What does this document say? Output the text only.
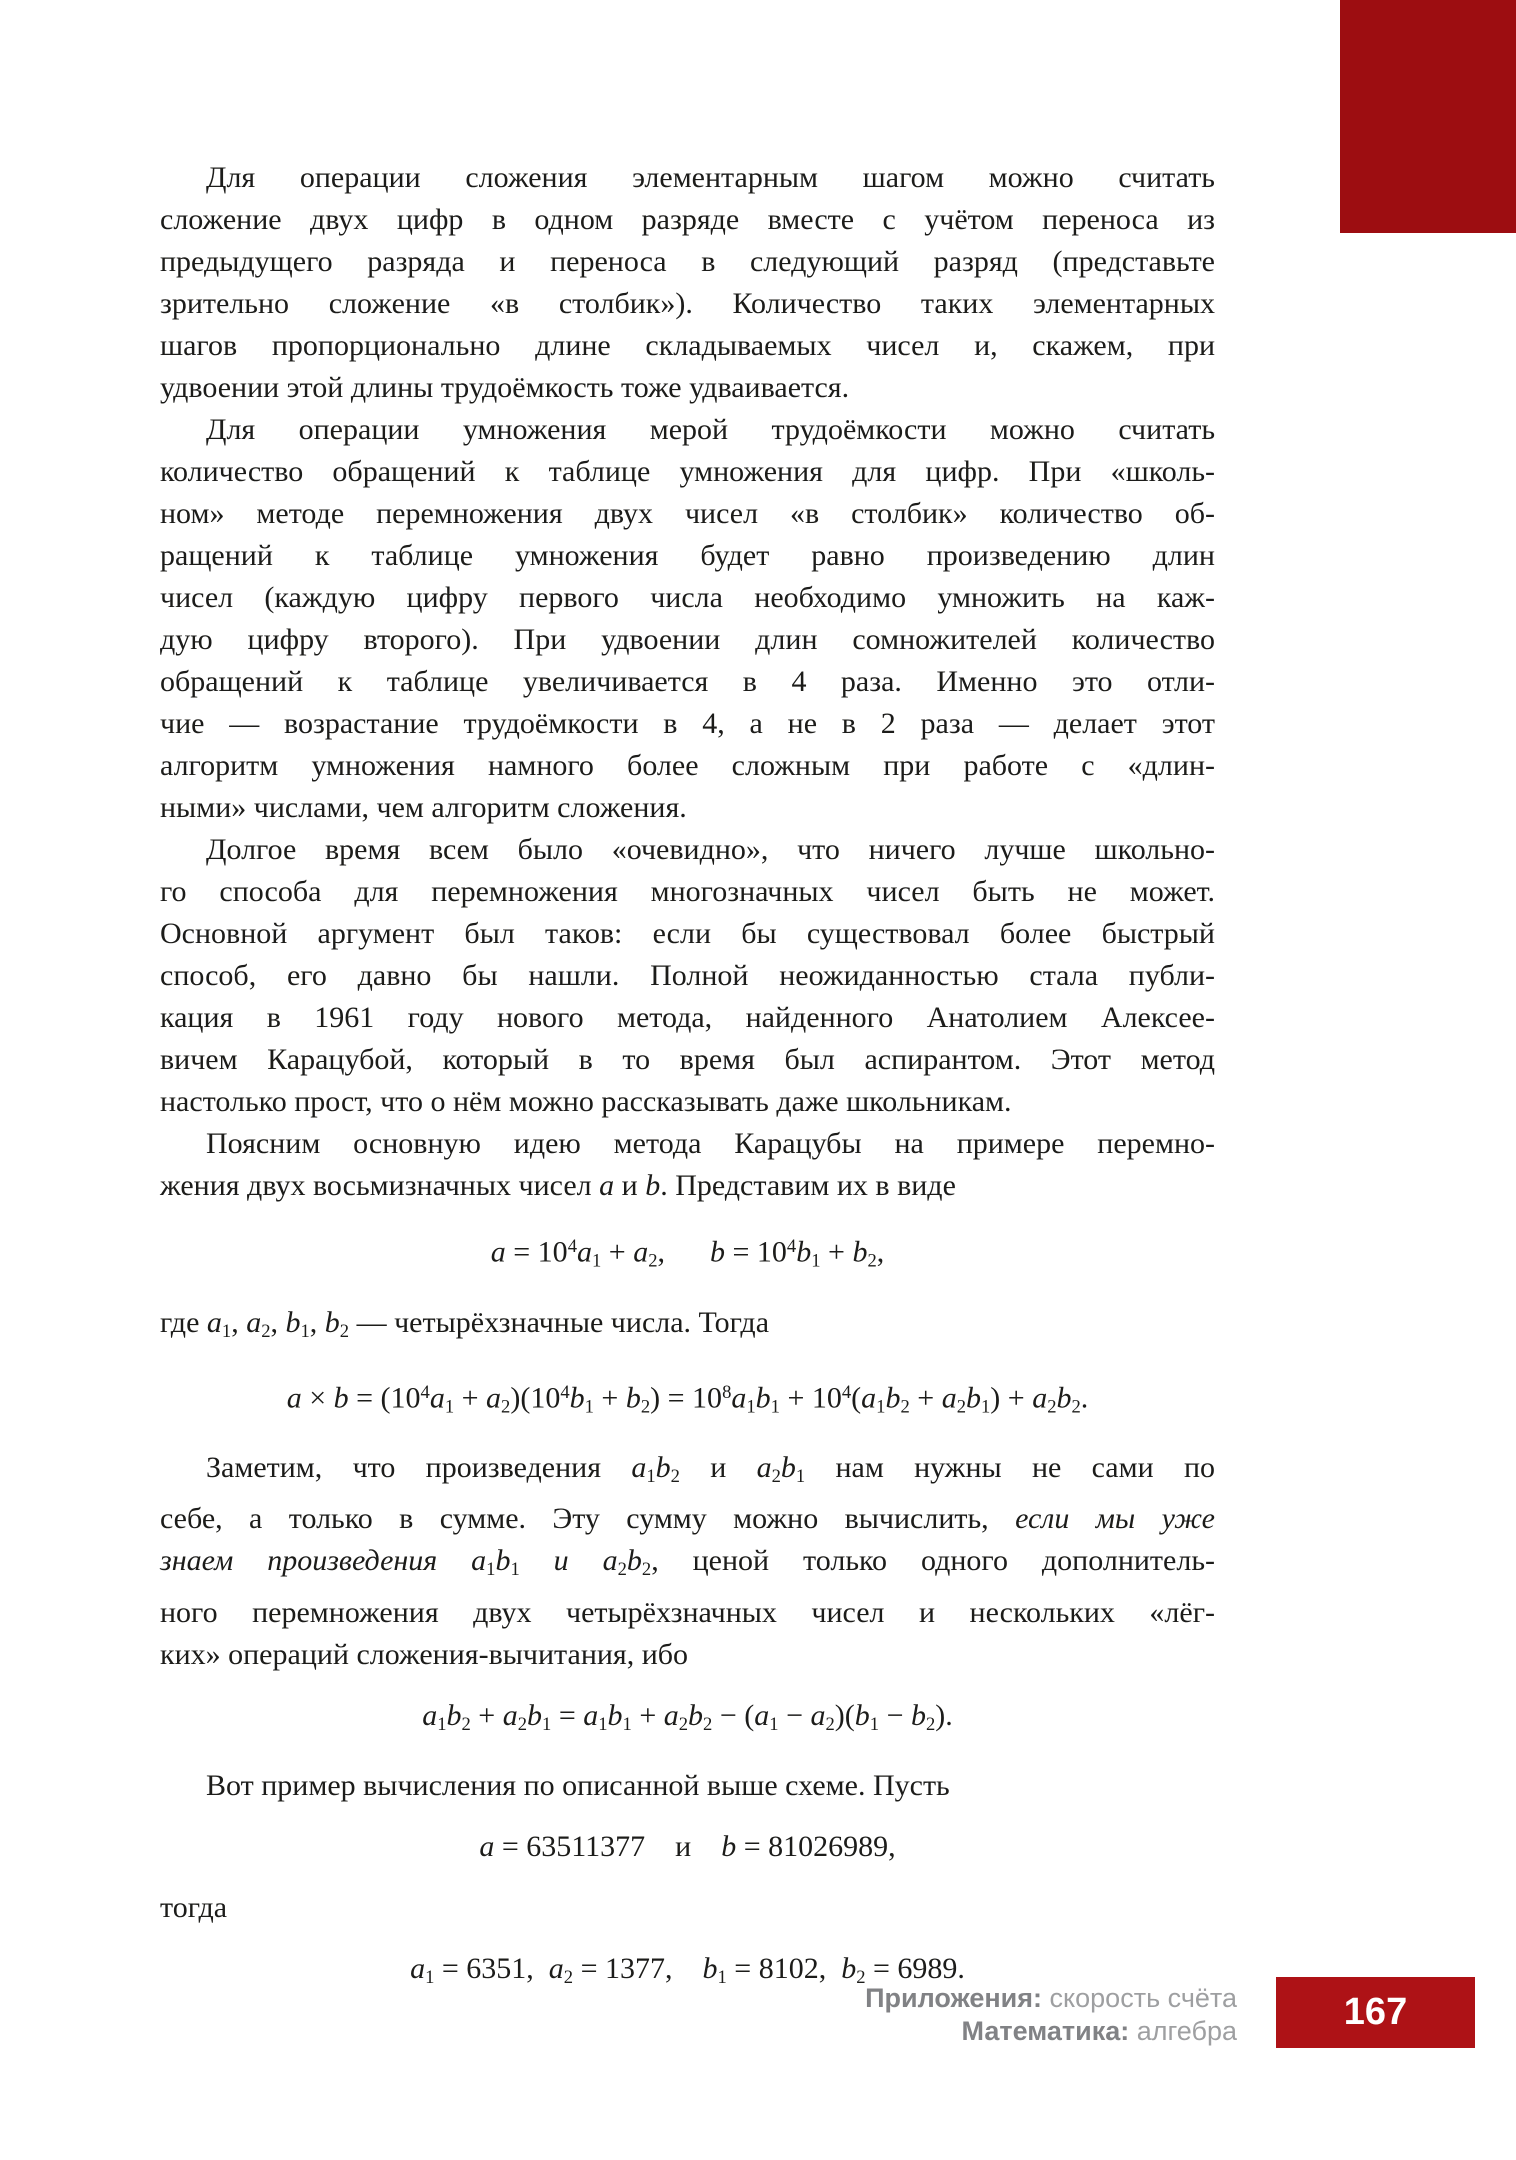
Для операции сложения элементарным шагом можно считать
сложение двух цифр в одном разряде вместе с учётом переноса из
предыдущего разряда и переноса в следующий разряд (представьте
зрительно сложение «в столбик»). Количество таких элементарных
шагов пропорционально длине складываемых чисел и, скажем, при
удвоении этой длины трудоёмкость тоже удваивается.
Для операции умножения мерой трудоёмкости можно считать
количество обращений к таблице умножения для цифр. При «школь-
ном» методе перемножения двух чисел «в столбик» количество об-
ращений к таблице умножения будет равно произведению длин
чисел (каждую цифру первого числа необходимо умножить на каж-
дую цифру второго). При удвоении длин сомножителей количество
обращений к таблице увеличивается в 4 раза. Именно это отли-
чие — возрастание трудоёмкости в 4, а не в 2 раза — делает этот
алгоритм умножения намного более сложным при работе с «длин-
ными» числами, чем алгоритм сложения.
Долгое время всем было «очевидно», что ничего лучше школьно-
го способа для перемножения многозначных чисел быть не может.
Основной аргумент был таков: если бы существовал более быстрый
способ, его давно бы нашли. Полной неожиданностью стала публи-
кация в 1961 году нового метода, найденного Анатолием Алексее-
вичем Карацубой, который в то время был аспирантом. Этот метод
настолько прост, что о нём можно рассказывать даже школьникам.
Поясним основную идею метода Карацубы на примере перемно-
жения двух восьмизначных чисел a и b. Представим их в виде
$a = 10^4a_1 + a_2$,  $b = 10^4b_1 + b_2$,
где $a_1$, $a_2$, $b_1$, $b_2$ — четырёхзначные числа. Тогда
$a \times b = (10^4a_1 + a_2)(10^4b_1 + b_2) = 10^8a_1b_1 + 10^4(a_1b_2 + a_2b_1) + a_2b_2$.
Заметим, что произведения $a_1b_2$ и $a_2b_1$ нам нужны не сами по
себе, а только в сумме. Эту сумму можно вычислить, если мы уже
знаем произведения $a_1b_1$ и $a_2b_2$, ценой только одного дополнитель-
ного перемножения двух четырёхзначных чисел и нескольких «лёг-
ких» операций сложения-вычитания, ибо
$a_1b_2 + a_2b_1 = a_1b_1 + a_2b_2 - (a_1 - a_2)(b_1 - b_2)$.
Вот пример вычисления по описанной выше схеме. Пусть
a = 63511377 и b = 81026989,
тогда
$a_1 = 6351$, $a_2 = 1377$, $b_1 = 8102$, $b_2 = 6989$.
Приложения: скорость счёта
Математика: алгебра	167
